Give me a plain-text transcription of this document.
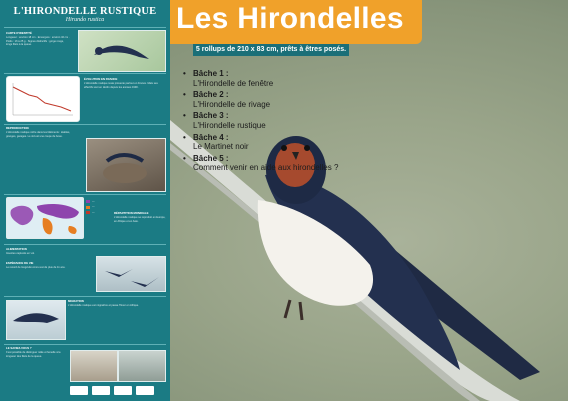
L'HIRONDELLE RUSTIQUE
Hirundo rustica
CARTE D'IDENTITÉ
Longueur : environ 18 cm · Envergure : environ 32 cm · Poids : 16 à 25 g · Signes distinctifs : gorge rouge, longs filets à la queue.
ÉVOLUTION EN FRANCE
L'Hirondelle rustique reste présente partout en France. Mais ses effectifs sont en déclin depuis les années 1990.
REPRODUCTION
L'Hirondelle rustique niche dans les bâtiments : étables, granges, garages. Le nid est une coupe de boue.
—
—
—	RÉPARTITION MONDIALE
L'Hirondelle rustique se reproduit en Europe, en Afrique et en Asie.
ALIMENTATION
Insectes capturés en vol.
ESPÉRANCE DE VIE
Le record de longévité connu est de plus de 11 ans.
MIGRATION
L'Hirondelle rustique est migratrice et passe l'hiver en Afrique.
LE SAVIEZ-VOUS ?
Il est possible de distinguer mâle et femelle à la longueur des filets de la queue.
Les Hirondelles
5 rollups de 210 x 83 cm, prêts à êtres posés.
• Bâche 1 :
L'Hirondelle de fenêtre
• Bâche 2 :
L'Hirondelle de rivage
• Bâche 3 :
L'Hirondelle rustique
• Bâche 4 :
Le Martinet noir
• Bâche 5 :
Comment venir en aide aux hirondelles ?
